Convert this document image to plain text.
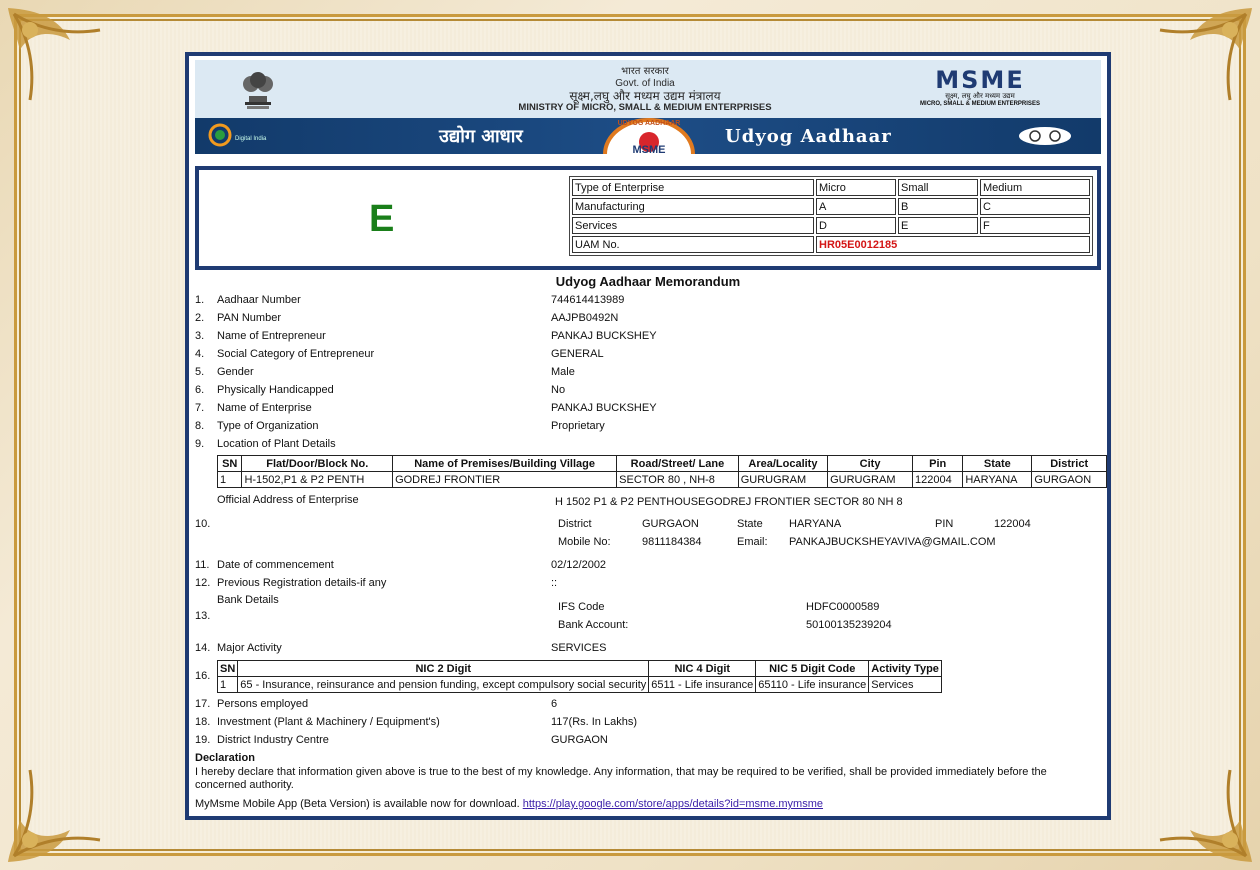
भारत सरकार
Govt. of India
सूक्ष्म,लघु और मध्यम उद्यम मंत्रालय
MINISTRY OF MICRO, SMALL & MEDIUM ENTERPRISES
MSME
सूक्ष्म, लघु और मध्यम उद्यम
MICRO, SMALL & MEDIUM ENTERPRISES
Digital India	उद्योग आधार
UDYOG AADHAAR
MSME
Udyog Aadhaar
E
Type of Enterprise	Micro	Small	Medium
Manufacturing	A	B	C
Services	D	E	F
UAM No.	HR05E0012185		
Udyog Aadhaar Memorandum
1.	Aadhaar Number	744614413989
2.	PAN Number	AAJPB0492N
3.	Name of Entrepreneur	PANKAJ BUCKSHEY
4.	Social Category of Entrepreneur	GENERAL
5.	Gender	Male
6.	Physically Handicapped	No
7.	Name of Enterprise	PANKAJ BUCKSHEY
8.	Type of Organization	Proprietary
9.	Location of Plant Details
SN	Flat/Door/Block No.	Name of Premises/Building Village	Road/Street/ Lane	Area/Locality	City	Pin	State	District
1	H-1502,P1 & P2 PENTH	GODREJ FRONTIER	SECTOR 80 , NH-8	GURUGRAM	GURUGRAM	122004	HARYANA	GURGAON
Official Address of Enterprise	H 1502 P1 & P2 PENTHOUSEGODREJ FRONTIER SECTOR 80 NH 8
10.	District	GURGAON	State HARYANA	PIN	122004
Mobile No:	9811184384	Email: PANKAJBUCKSHEYAVIVA@GMAIL.COM
11. Date of commencement	02/12/2002
12. Previous Registration details-if any	::
Bank Details
13.
IFS Code	HDFC0000589
Bank Account:	50100135239204
14. Major Activity	SERVICES
16.
SN	NIC 2 Digit	NIC 4 Digit	NIC 5 Digit Code	Activity Type
1	65 - Insurance, reinsurance and pension funding, except compulsory social security	6511 - Life insurance	65110 - Life insurance	Services
17. Persons employed	6
18. Investment (Plant & Machinery / Equipment's)	117(Rs. In Lakhs)
19. District Industry Centre	GURGAON
Declaration
I hereby declare that information given above is true to the best of my knowledge. Any information, that may be required to be verified, shall be provided immediately before the concerned authority.
MyMsme Mobile App (Beta Version) is available now for download. https://play.google.com/store/apps/details?id=msme.mymsme
